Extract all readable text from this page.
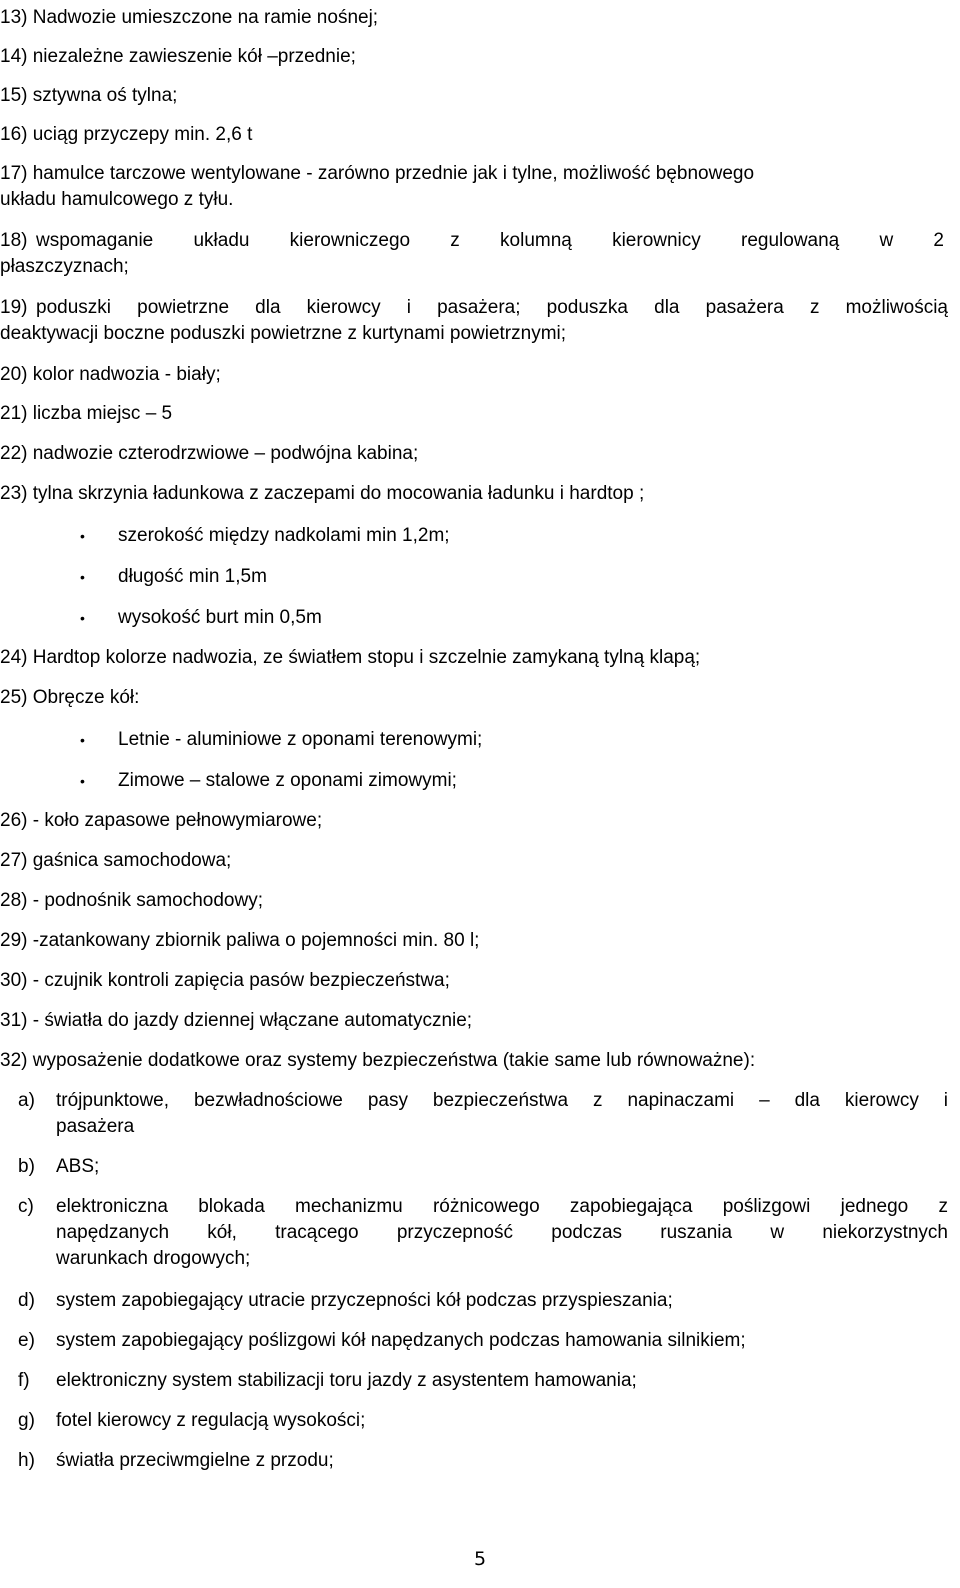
13) Nadwozie umieszczone na ramie nośnej;
14) niezależne zawieszenie kół –przednie;
15) sztywna oś tylna;
16) uciąg przyczepy min. 2,6 t
17) hamulce tarczowe wentylowane - zarówno przednie jak i tylne, możliwość bębnowego
układu hamulcowego z tyłu.
18) wspomaganie układu kierowniczego z kolumną kierownicy regulowaną w 2
płaszczyznach;
19) poduszki powietrzne dla kierowcy i pasażera; poduszka dla pasażera z możliwością
deaktywacji boczne poduszki powietrzne z kurtynami powietrznymi;
20) kolor nadwozia - biały;
21) liczba miejsc – 5
22) nadwozie czterodrzwiowe – podwójna kabina;
23) tylna skrzynia ładunkowa z zaczepami do mocowania ładunku i hardtop ;
•	szerokość między nadkolami min 1,2m;
•	długość min 1,5m
•	wysokość burt min 0,5m
24) Hardtop kolorze nadwozia, ze światłem stopu i szczelnie zamykaną tylną klapą;
25) Obręcze kół:
•	Letnie - aluminiowe z oponami terenowymi;
•	Zimowe – stalowe z oponami zimowymi;
26) - koło zapasowe pełnowymiarowe;
27) gaśnica samochodowa;
28) - podnośnik samochodowy;
29) -zatankowany zbiornik paliwa o pojemności min. 80 l;
30) - czujnik kontroli zapięcia pasów bezpieczeństwa;
31) - światła do jazdy dziennej włączane automatycznie;
32) wyposażenie dodatkowe oraz systemy bezpieczeństwa (takie same lub równoważne):
a) trójpunktowe, bezwładnościowe pasy bezpieczeństwa z napinaczami – dla kierowcy i
pasażera
b) ABS;
c) elektroniczna blokada mechanizmu różnicowego zapobiegająca poślizgowi jednego z
napędzanych kół, tracącego przyczepność podczas ruszania w niekorzystnych
warunkach drogowych;
d) system zapobiegający utracie przyczepności kół podczas przyspieszania;
e) system zapobiegający poślizgowi kół napędzanych podczas hamowania silnikiem;
f) elektroniczny system stabilizacji toru jazdy z asystentem hamowania;
g) fotel kierowcy z regulacją wysokości;
h) światła przeciwmgielne z przodu;
5
